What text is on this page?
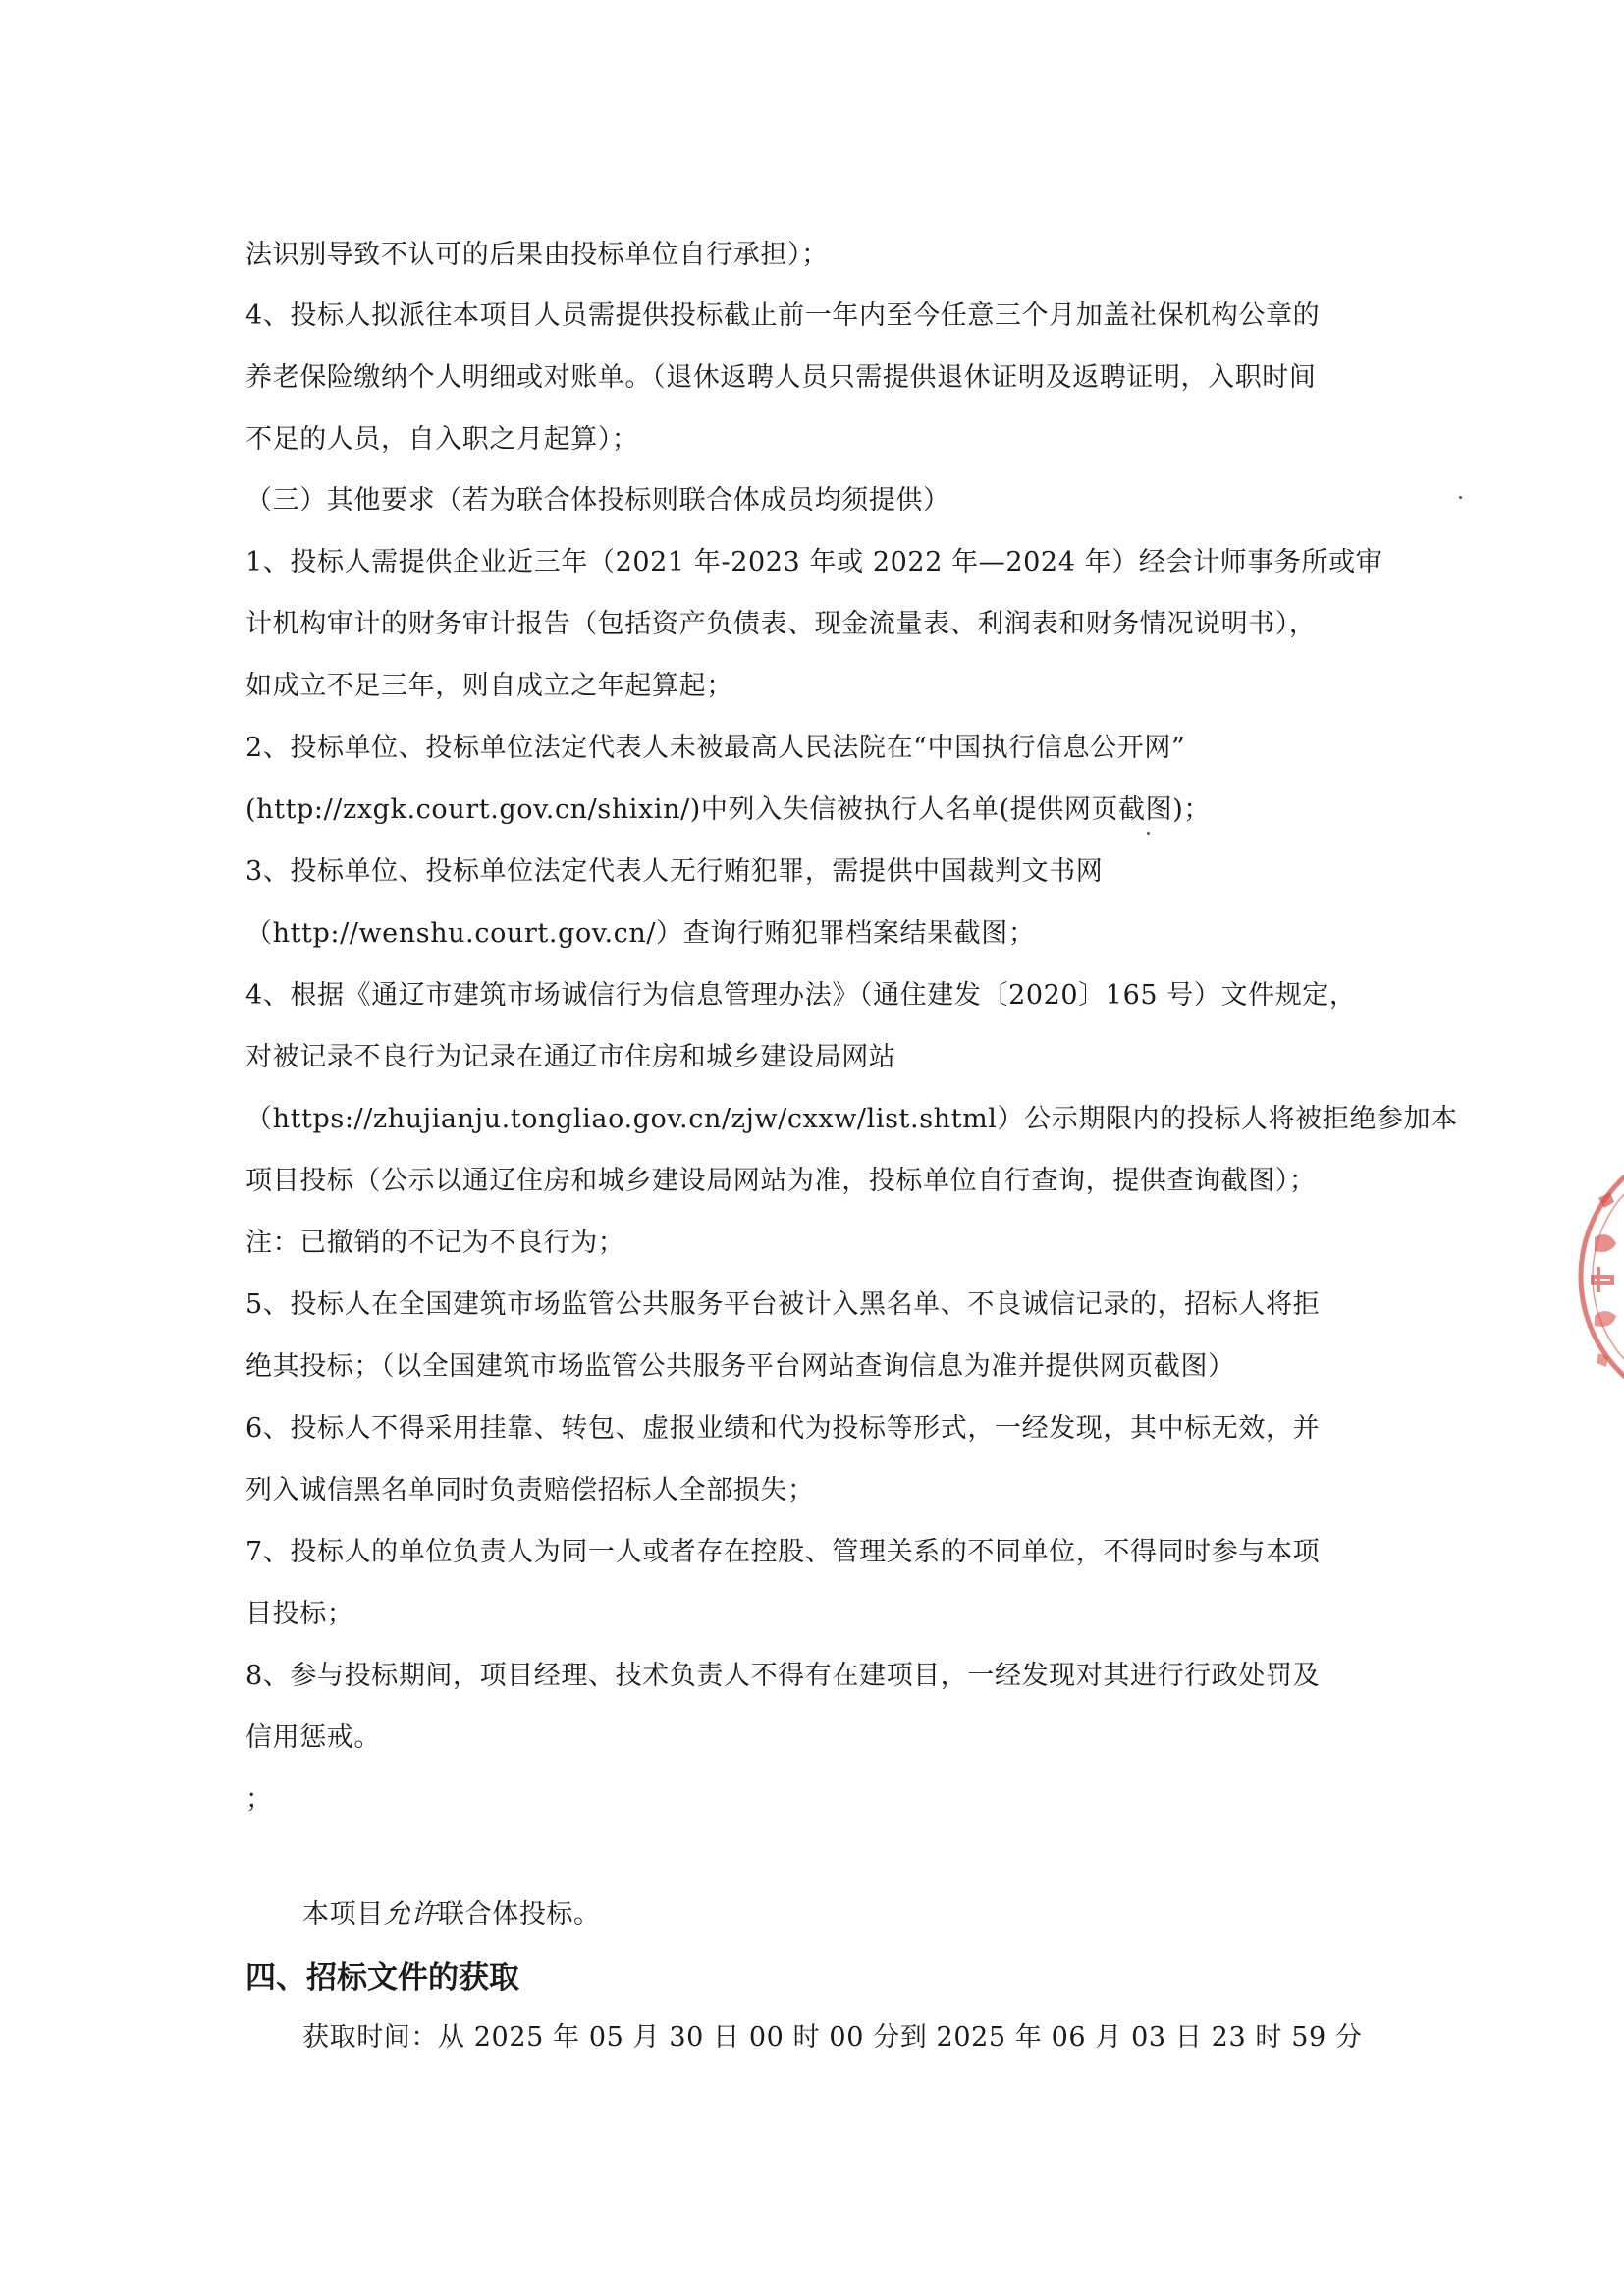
法识别导致不认可的后果由投标单位自行承担）；
4、投标人拟派往本项目人员需提供投标截止前一年内至今任意三个月加盖社保机构公章的
养老保险缴纳个人明细或对账单。（退休返聘人员只需提供退休证明及返聘证明，入职时间
不足的人员，自入职之月起算）；
（三）其他要求（若为联合体投标则联合体成员均须提供）
1、投标人需提供企业近三年（2021 年-2023 年或 2022 年—2024 年）经会计师事务所或审
计机构审计的财务审计报告（包括资产负债表、现金流量表、利润表和财务情况说明书），
如成立不足三年，则自成立之年起算起；
2、投标单位、投标单位法定代表人未被最高人民法院在“中国执行信息公开网”
(http://zxgk.court.gov.cn/shixin/)中列入失信被执行人名单(提供网页截图)；
3、投标单位、投标单位法定代表人无行贿犯罪，需提供中国裁判文书网
（http://wenshu.court.gov.cn/）查询行贿犯罪档案结果截图；
4、根据《通辽市建筑市场诚信行为信息管理办法》（通住建发〔2020〕165 号）文件规定，
对被记录不良行为记录在通辽市住房和城乡建设局网站
（https://zhujianju.tongliao.gov.cn/zjw/cxxw/list.shtml）公示期限内的投标人将被拒绝参加本
项目投标（公示以通辽住房和城乡建设局网站为准，投标单位自行查询，提供查询截图）；
注：已撤销的不记为不良行为；
5、投标人在全国建筑市场监管公共服务平台被计入黑名单、不良诚信记录的，招标人将拒
绝其投标；（以全国建筑市场监管公共服务平台网站查询信息为准并提供网页截图）
6、投标人不得采用挂靠、转包、虚报业绩和代为投标等形式，一经发现，其中标无效，并
列入诚信黑名单同时负责赔偿招标人全部损失；
7、投标人的单位负责人为同一人或者存在控股、管理关系的不同单位，不得同时参与本项
目投标；
8、参与投标期间，项目经理、技术负责人不得有在建项目，一经发现对其进行行政处罚及
信用惩戒。
；
本项目允许联合体投标。
四、招标文件的获取
获取时间：从 2025 年 05 月 30 日 00 时 00 分到 2025 年 06 月 03 日 23 时 59 分
